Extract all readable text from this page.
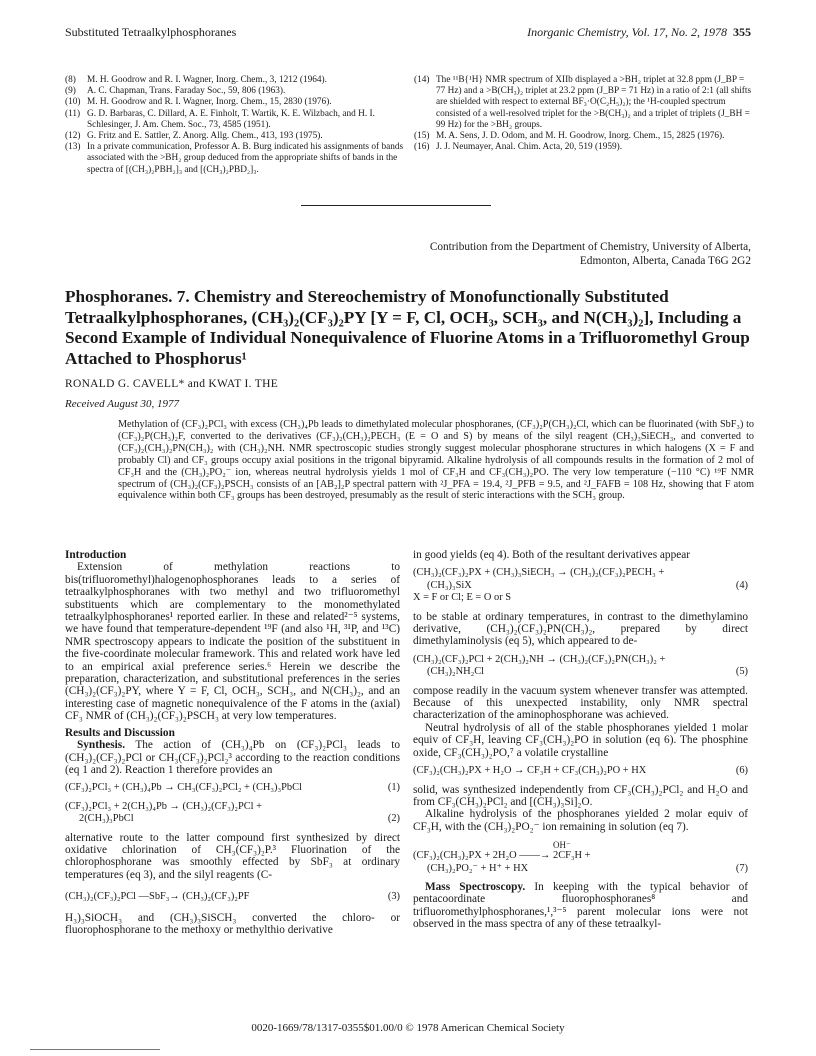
Substituted Tetraalkylphosphoranes	Inorganic Chemistry, Vol. 17, No. 2, 1978 355
(8)	M. H. Goodrow and R. I. Wagner, Inorg. Chem., 3, 1212 (1964).
(9)	A. C. Chapman, Trans. Faraday Soc., 59, 806 (1963).
(10) M. H. Goodrow and R. I. Wagner, Inorg. Chem., 15, 2830 (1976).
(11) G. D. Barbaras, C. Dillard, A. E. Finholt, T. Wartik, K. E. Wilzbach, and H. I. Schlesinger, J. Am. Chem. Soc., 73, 4585 (1951).
(12) G. Fritz and E. Sattler, Z. Anorg. Allg. Chem., 413, 193 (1975).
(13) In a private communication, Professor A. B. Burg indicated his assignments of bands associated with the >BH₂ group deduced from the appropriate shifts of bands in the spectra of [(CH₃)₂PBH₂]₃ and [(CH₃)₂PBD₂]₃.
(14) The ¹¹B{¹H} NMR spectrum of XIIb displayed a >BH₂ triplet at 32.8 ppm (J_BP = 77 Hz) and a >B(CH₃)₂ triplet at 23.2 ppm (J_BP = 71 Hz) in a ratio of 2:1 (all shifts are shielded with respect to external BF₃·O(C₂H₅)₂); the ¹H-coupled spectrum consisted of a well-resolved triplet for the >B(CH₃)₂ and a triplet of triplets (J_BH = 99 Hz) for the >BH₂ groups.
(15) M. A. Sens, J. D. Odom, and M. H. Goodrow, Inorg. Chem., 15, 2825 (1976).
(16) J. J. Neumayer, Anal. Chim. Acta, 20, 519 (1959).
Contribution from the Department of Chemistry, University of Alberta,
Edmonton, Alberta, Canada T6G 2G2
Phosphoranes. 7. Chemistry and Stereochemistry of Monofunctionally Substituted Tetraalkylphosphoranes, (CH₃)₂(CF₃)₂PY [Y = F, Cl, OCH₃, SCH₃, and N(CH₃)₂], Including a Second Example of Individual Nonequivalence of Fluorine Atoms in a Trifluoromethyl Group Attached to Phosphorus¹
RONALD G. CAVELL* and KWAT I. THE
Received August 30, 1977
Methylation of (CF₃)₂PCl₃ with excess (CH₃)₄Pb leads to dimethylated molecular phosphoranes, (CF₃)₂P(CH₃)₂Cl, which can be fluorinated (with SbF₃) to (CF₃)₂P(CH₃)₂F, converted to the derivatives (CF₃)₂(CH₃)₂PECH₃ (E = O and S) by means of the silyl reagent (CH₃)₃SiECH₃, and converted to (CF₃)₂(CH₃)₂PN(CH₃)₂ with (CH₃)₂NH. NMR spectroscopic studies strongly suggest molecular phosphorane structures in which halogens (X = F and probably Cl) and CF₃ groups occupy axial positions in the trigonal bipyramid. Alkaline hydrolysis of all compounds results in the formation of 2 mol of CF₃H and the (CH₃)₂PO₂⁻ ion, whereas neutral hydrolysis yields 1 mol of CF₃H and CF₃(CH₃)₂PO. The very low temperature (−110 °C) ¹⁹F NMR spectrum of (CH₃)₂(CF₃)₂PSCH₃ consists of an [AB₂]₂P spectral pattern with ²J_PFA = 19.4, ²J_PFB = 9.5, and ²J_FAFB = 108 Hz, showing that F atom equivalence within both CF₃ groups has been destroyed, presumably as the result of steric interactions with the SCH₃ group.

Introduction

Extension of methylation reactions to bis(trifluoromethyl)halogenophosphoranes leads to a series of tetraalkylphosphoranes with two methyl and two trifluoromethyl substituents which are complementary to the monomethylated tetraalkylphosphoranes¹ reported earlier. In these and related²⁻⁵ systems, we have found that temperature-dependent ¹⁹F (and also ¹H, ³¹P, and ¹³C) NMR spectroscopy appears to indicate the position of the substituent in the five-coordinate molecular framework. This and related work have led to an empirical axial preference series.⁶ Herein we describe the preparation, characterization, and substitutional preferences in the series (CH₃)₂(CF₃)₂PY, where Y = F, Cl, OCH₃, SCH₃, and N(CH₃)₂, and an interesting case of magnetic nonequivalence of the F atoms in the (axial) CF₃ NMR of (CH₃)₂(CF₃)₂PSCH₃ at very low temperatures.

Results and Discussion

Synthesis. The action of (CH₃)₄Pb on (CF₃)₂PCl₃ leads to (CH₃)₂(CF₃)₂PCl or CH₃(CF₃)₂PCl₂³ according to the reaction conditions (eq 1 and 2). Reaction 1 therefore provides an

(CF₃)₂PCl₃ + (CH₃)₄Pb → CH₃(CF₃)₂PCl₂ + (CH₃)₃PbCl	(1)
(CF₃)₂PCl₃ + 2(CH₃)₄Pb → (CH₃)₂(CF₃)₂PCl +
2(CH₃)₃PbCl	(2)

alternative route to the latter compound first synthesized by direct oxidative chlorination of CH₃(CF₃)₂P.³ Fluorination of the chlorophosphorane was smoothly effected by SbF₃ at ordinary temperatures (eq 3), and the silyl reagents (C-

(CH₃)₂(CF₃)₂PCl —SbF₃→ (CH₃)₂(CF₃)₂PF	(3)

H₃)₃SiOCH₃ and (CH₃)₃SiSCH₃ converted the chloro- or fluorophosphorane to the methoxy or methylthio derivative

in good yields (eq 4). Both of the resultant derivatives appear

(CH₃)₂(CF₃)₂PX + (CH₃)₃SiECH₃ → (CH₃)₂(CF₃)₂PECH₃ +
(CH₃)₃SiX
X = F or Cl; E = O or S
(4)

to be stable at ordinary temperatures, in contrast to the dimethylamino derivative, (CH₃)₂(CF₃)₂PN(CH₃)₂, prepared by direct dimethylaminolysis (eq 5), which appeared to de-

(CH₃)₂(CF₃)₂PCl + 2(CH₃)₂NH → (CH₃)₂(CF₃)₂PN(CH₃)₂ +
(CH₃)₂NH₂Cl	(5)

compose readily in the vacuum system whenever transfer was attempted. Because of this unexpected instability, only NMR spectral characterization of the aminophosphorane was achieved.

Neutral hydrolysis of all of the stable phosphoranes yielded 1 molar equiv of CF₃H, leaving CF₃(CH₃)₂PO in solution (eq 6). The phosphine oxide, CF₃(CH₃)₂PO,⁷ a volatile crystalline

(CF₃)₂(CH₃)₂PX + H₂O → CF₃H + CF₃(CH₃)₂PO + HX	(6)

solid, was synthesized independently from CF₃(CH₃)₂PCl₂ and H₂O and from CF₃(CH₃)₂PCl₂ and [(CH₃)₃Si]₂O.

Alkaline hydrolysis of the phosphoranes yielded 2 molar equiv of CF₃H, with the (CH₃)₂PO₂⁻ ion remaining in solution (eq 7).

OH⁻
(CF₃)₂(CH₃)₂PX + 2H₂O ——→ 2CF₃H +
(CH₃)₂PO₂⁻ + H⁺ + HX	(7)

Mass Spectroscopy. In keeping with the typical behavior of pentacoordinate fluorophosphoranes⁸ and trifluoromethylphosphoranes,¹,³⁻⁵ parent molecular ions were not observed in the mass spectra of any of these tetraalkyl-

0020-1669/78/1317-0355$01.00/0 © 1978 American Chemical Society
